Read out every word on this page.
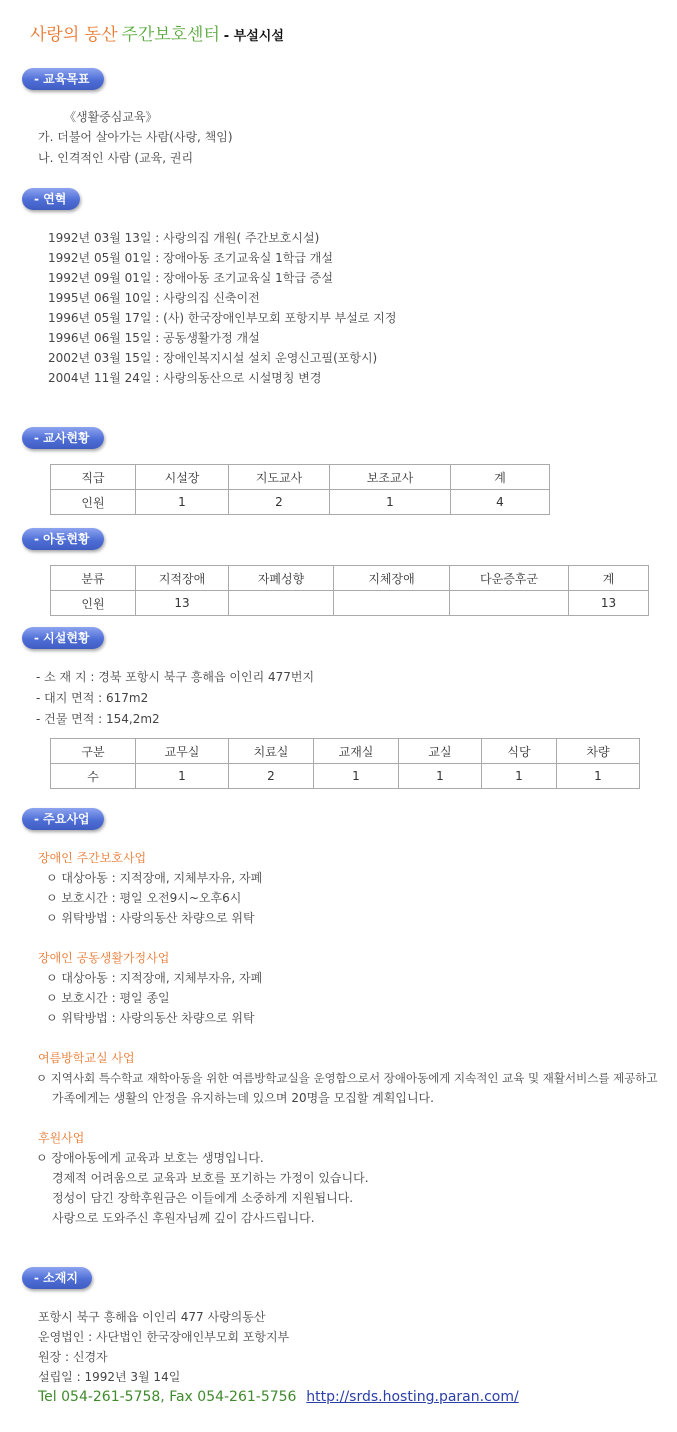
사랑의 동산 주간보호센터 - 부설시설
- 교육목표
《생활중심교육》
가. 더불어 살아가는 사람(사랑, 책임)
나. 인격적인 사람 (교육, 권리
- 연혁
1992년 03월 13일 : 사랑의집 개원( 주간보호시설)
1992년 05월 01일 : 장애아동 조기교육실 1학급 개설
1992년 09월 01일 : 장애아동 조기교육실 1학급 증설
1995년 06월 10일 : 사랑의집 신축이전
1996년 05월 17일 : (사) 한국장애인부모회 포항지부 부설로 지정
1996년 06월 15일 : 공동생활가정 개설
2002년 03월 15일 : 장애인복지시설 설치 운영신고필(포항시)
2004년 11월 24일 : 사랑의동산으로 시설명칭 변경
- 교사현황
직급	시설장	지도교사	보조교사	계
인원	1	2	1	4
- 아동현황
분류	지적장애	자폐성향	지체장애	다운증후군	계
인원	13				13
- 시설현황
- 소 재 지 : 경북 포항시 북구 흥해읍 이인리 477번지
- 대지 면적 : 617m2
- 건물 면적 : 154,2m2
구분	교무실	치료실	교재실	교실	식당	차량
수	1	2	1	1	1	1
- 주요사업
장애인 주간보호사업
ㅇ 대상아동 : 지적장애, 지체부자유, 자폐
ㅇ 보호시간 : 평일 오전9시~오후6시
ㅇ 위탁방법 : 사랑의동산 차량으로 위탁
장애인 공동생활가정사업
ㅇ 대상아동 : 지적장애, 지체부자유, 자폐
ㅇ 보호시간 : 평일 종일
ㅇ 위탁방법 : 사랑의동산 차량으로 위탁
여름방학교실 사업
ㅇ 지역사회 특수학교 재학아동을 위한 여름방학교실을 운영함으로서 장애아동에게 지속적인 교육 및 재활서비스를 제공하고
가족에게는 생활의 안정을 유지하는데 있으며 20명을 모집할 계획입니다.
후원사업
ㅇ 장애아동에게 교육과 보호는 생명입니다.
경제적 어려움으로 교육과 보호를 포기하는 가정이 있습니다.
정성이 담긴 장학후원금은 이들에게 소중하게 지원됩니다.
사랑으로 도와주신 후원자님께 깊이 감사드립니다.
- 소재지
포항시 북구 흥해읍 이인리 477 사랑의동산
운영법인 : 사단법인 한국장애인부모회 포항지부
원장 : 신경자
설립일 : 1992년 3월 14일
Tel 054-261-5758, Fax 054-261-5756 http://srds.hosting.paran.com/
